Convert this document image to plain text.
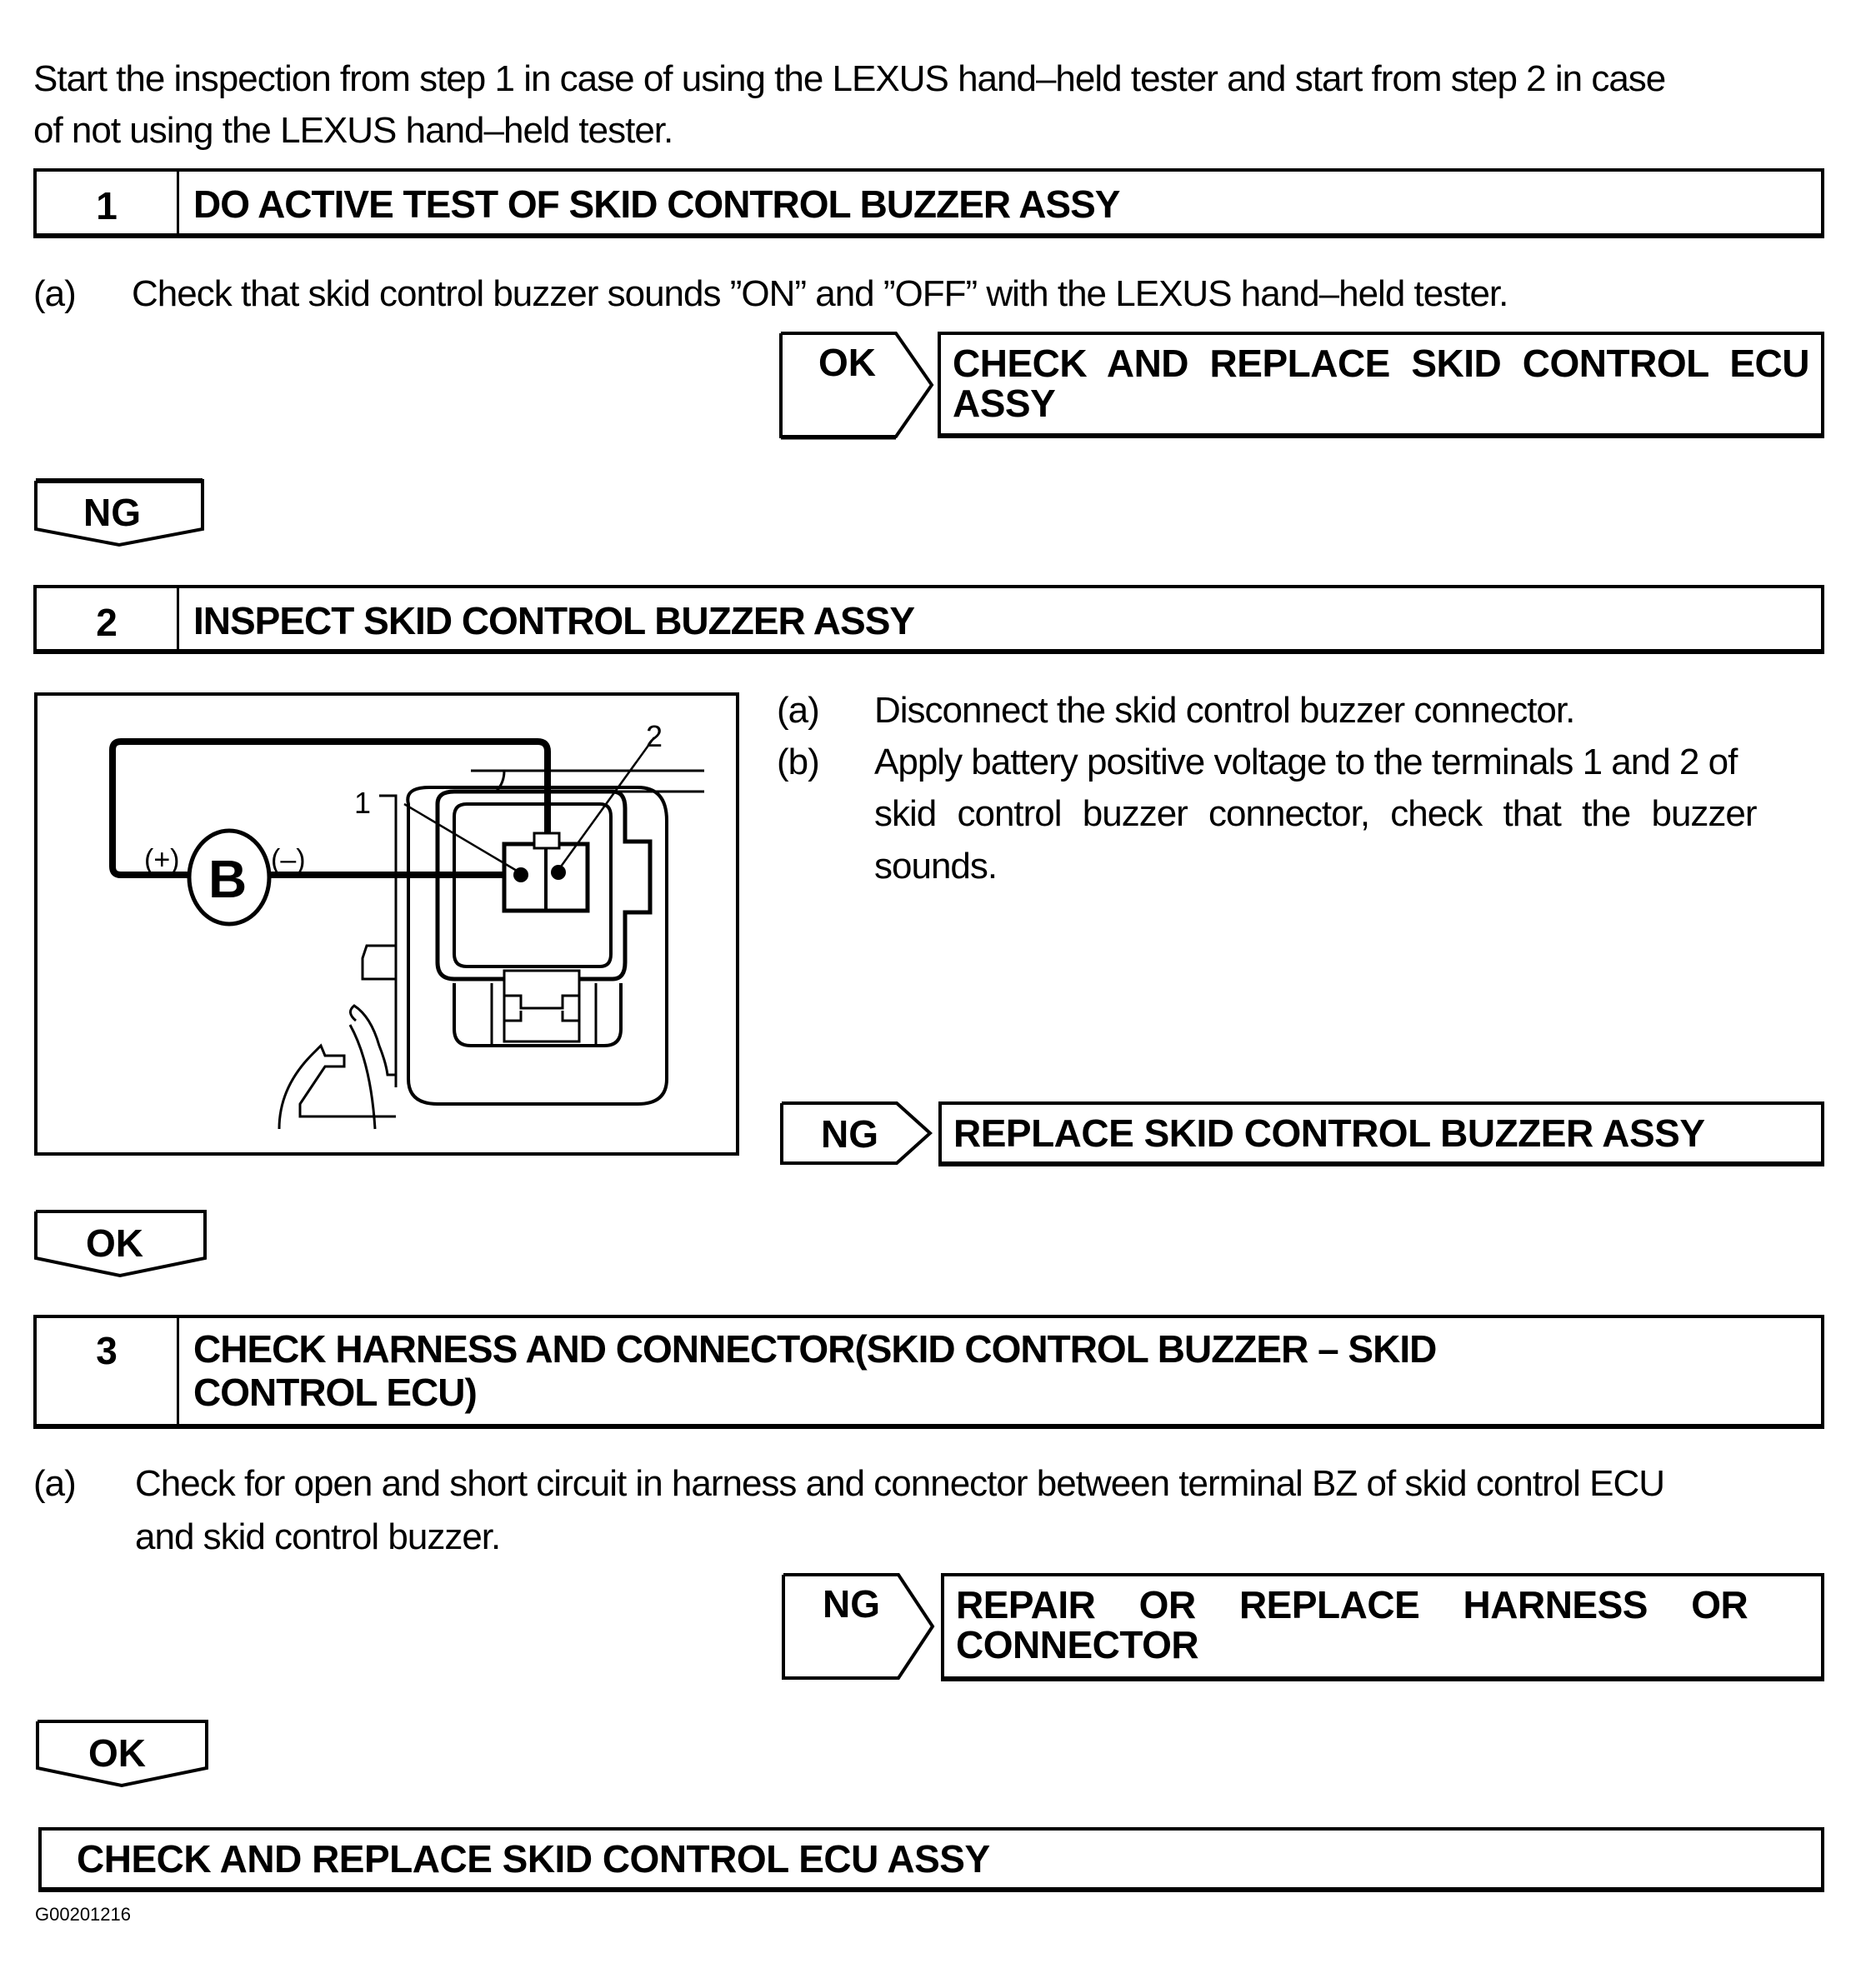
Start the inspection from step 1 in case of using the LEXUS hand–held tester and start from step 2 in case
of not using the LEXUS hand–held tester.
1	DO ACTIVE TEST OF SKID CONTROL BUZZER ASSY
(a) Check that skid control buzzer sounds ”ON” and ”OFF” with the LEXUS hand–held tester.
OK	CHECK AND REPLACE SKID CONTROL ECU ASSY
NG
2	INSPECT SKID CONTROL BUZZER ASSY
B
(+)	(–)
1
2
(a) Disconnect the skid control buzzer connector.
(b) Apply battery positive voltage to the terminals 1 and 2 of
skid control buzzer connector, check that the buzzer
sounds.
NG	REPLACE SKID CONTROL BUZZER ASSY
OK
3	CHECK HARNESS AND CONNECTOR(SKID CONTROL BUZZER – SKID
CONTROL ECU)
(a) Check for open and short circuit in harness and connector between terminal BZ of skid control ECU
and skid control buzzer.
NG REPAIR OR REPLACE HARNESS OR
CONNECTOR
OK
CHECK AND REPLACE SKID CONTROL ECU ASSY
G00201216
